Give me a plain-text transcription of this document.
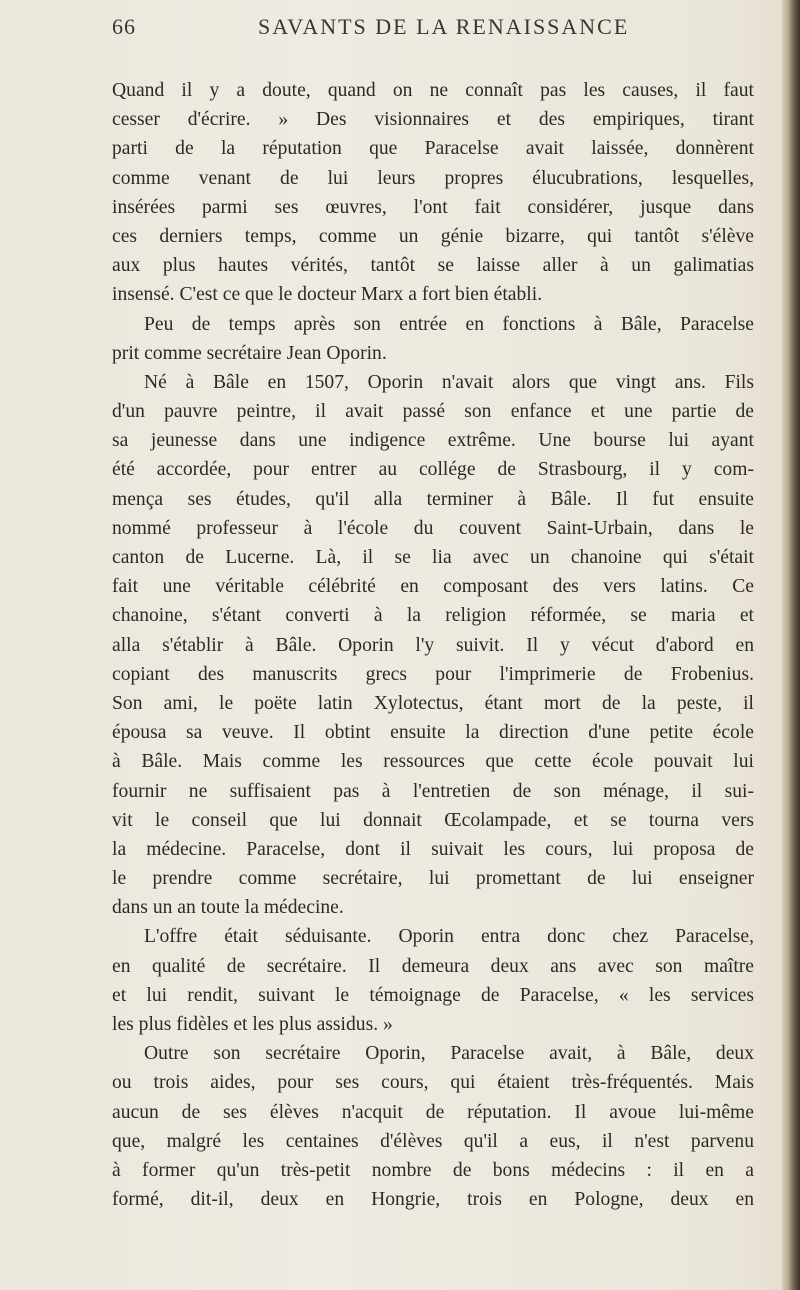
66	SAVANTS DE LA RENAISSANCE
Quand il y a doute, quand on ne connaît pas les causes, il faut
cesser d'écrire. » Des visionnaires et des empiriques, tirant
parti de la réputation que Paracelse avait laissée, donnèrent
comme venant de lui leurs propres élucubrations, lesquelles,
insérées parmi ses œuvres, l'ont fait considérer, jusque dans
ces derniers temps, comme un génie bizarre, qui tantôt s'élève
aux plus hautes vérités, tantôt se laisse aller à un galimatias
insensé. C'est ce que le docteur Marx a fort bien établi.
Peu de temps après son entrée en fonctions à Bâle, Paracelse
prit comme secrétaire Jean Oporin.
Né à Bâle en 1507, Oporin n'avait alors que vingt ans. Fils
d'un pauvre peintre, il avait passé son enfance et une partie de
sa jeunesse dans une indigence extrême. Une bourse lui ayant
été accordée, pour entrer au collége de Strasbourg, il y com-
mença ses études, qu'il alla terminer à Bâle. Il fut ensuite
nommé professeur à l'école du couvent Saint-Urbain, dans le
canton de Lucerne. Là, il se lia avec un chanoine qui s'était
fait une véritable célébrité en composant des vers latins. Ce
chanoine, s'étant converti à la religion réformée, se maria et
alla s'établir à Bâle. Oporin l'y suivit. Il y vécut d'abord en
copiant des manuscrits grecs pour l'imprimerie de Frobenius.
Son ami, le poëte latin Xylotectus, étant mort de la peste, il
épousa sa veuve. Il obtint ensuite la direction d'une petite école
à Bâle. Mais comme les ressources que cette école pouvait lui
fournir ne suffisaient pas à l'entretien de son ménage, il sui-
vit le conseil que lui donnait Œcolampade, et se tourna vers
la médecine. Paracelse, dont il suivait les cours, lui proposa de
le prendre comme secrétaire, lui promettant de lui enseigner
dans un an toute la médecine.
L'offre était séduisante. Oporin entra donc chez Paracelse,
en qualité de secrétaire. Il demeura deux ans avec son maître
et lui rendit, suivant le témoignage de Paracelse, « les services
les plus fidèles et les plus assidus. »
Outre son secrétaire Oporin, Paracelse avait, à Bâle, deux
ou trois aides, pour ses cours, qui étaient très-fréquentés. Mais
aucun de ses élèves n'acquit de réputation. Il avoue lui-même
que, malgré les centaines d'élèves qu'il a eus, il n'est parvenu
à former qu'un très-petit nombre de bons médecins : il en a
formé, dit-il, deux en Hongrie, trois en Pologne, deux en
